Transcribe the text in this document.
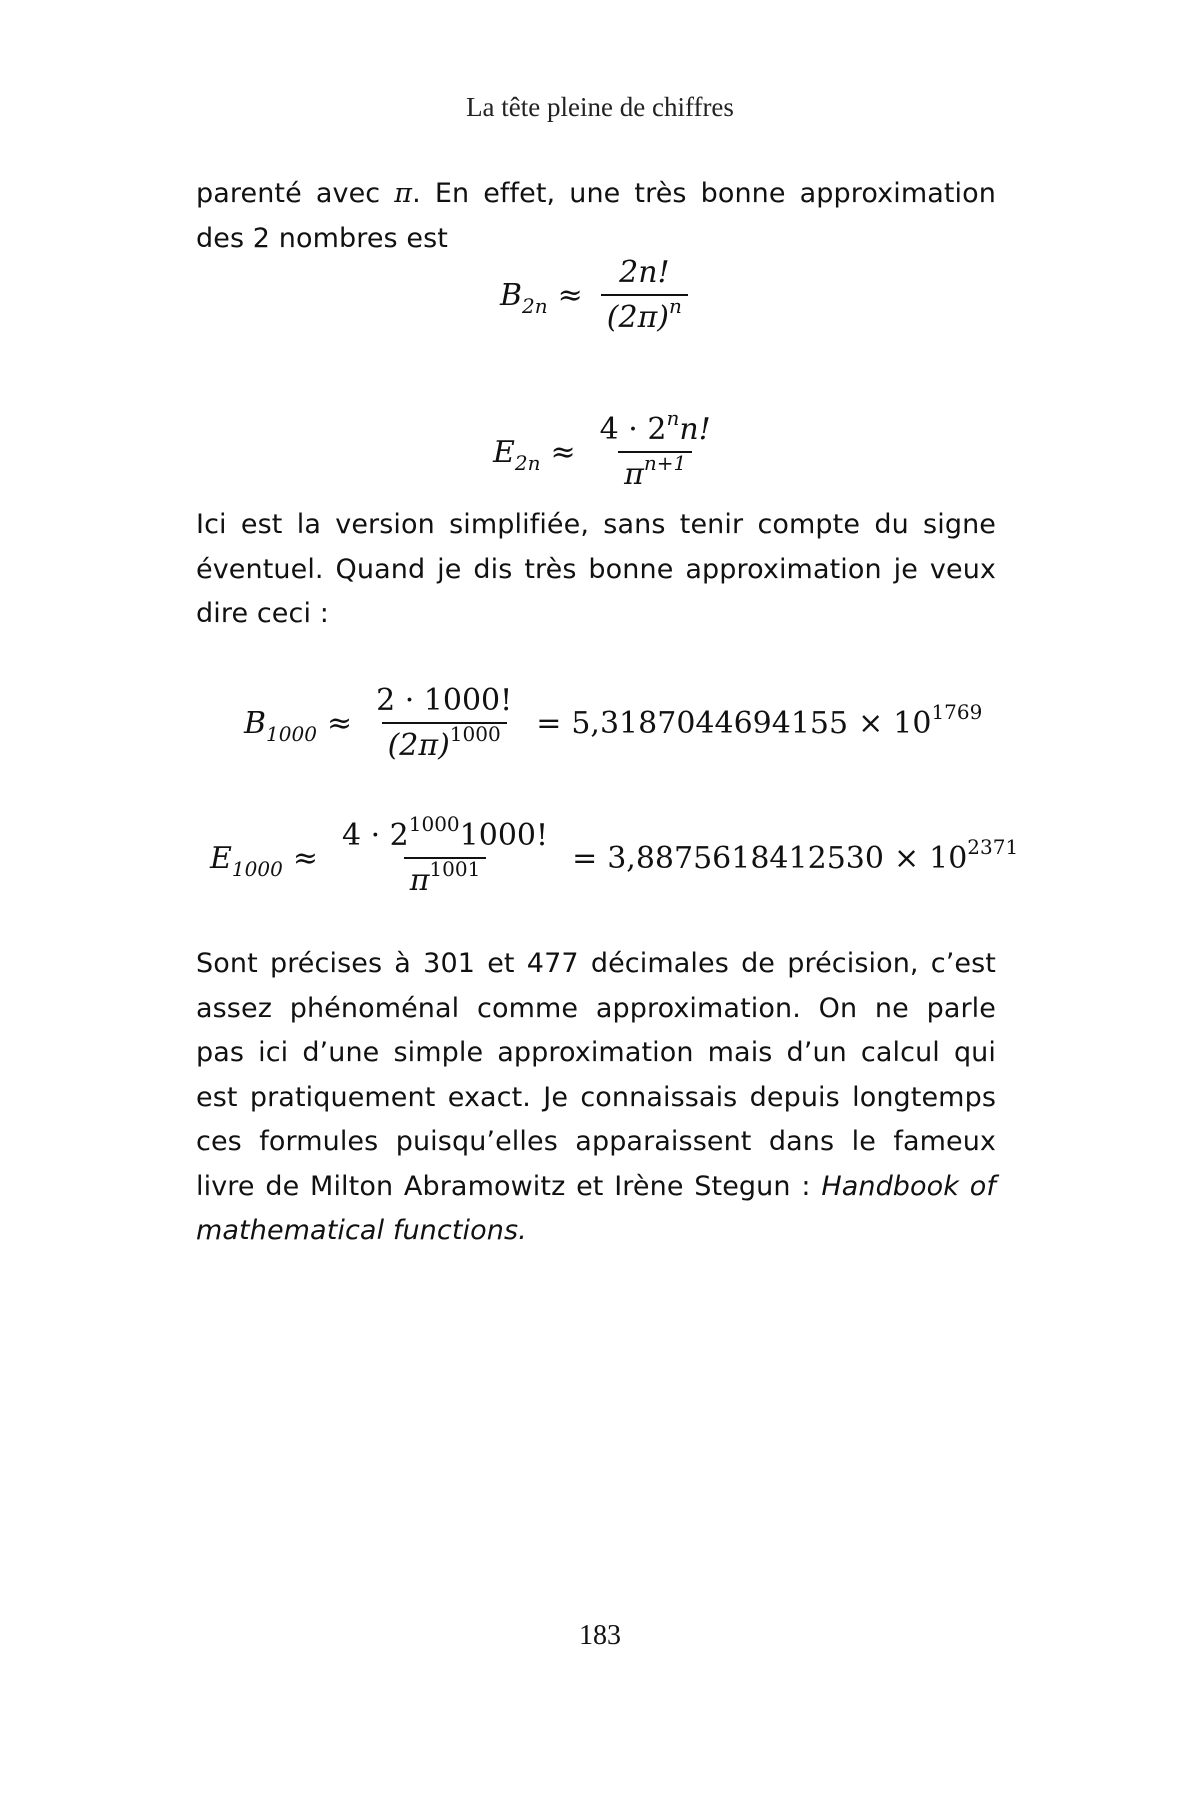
La tête pleine de chiffres
parenté avec π. En effet, une très bonne approximation des 2 nombres est
$B_{2n} \approx \frac{2n!}{(2\pi)^n}$
$E_{2n} \approx \frac{4 \cdot 2^nn!}{\pi^{n+1}}$
Ici est la version simplifiée, sans tenir compte du signe éventuel. Quand je dis très bonne approximation je veux dire ceci :
$B_{1000} \approx \frac{2 \cdot 1000!}{(2\pi)^{1000}} = 5,3187044694155 \times 10^{1769}$
$E_{1000} \approx \frac{4 \cdot 2^{1000}1000!}{\pi^{1001}} = 3,8875618412530 \times 10^{2371}$
Sont précises à 301 et 477 décimales de précision, c’est assez phénoménal comme approximation. On ne parle pas ici d’une simple approximation mais d’un calcul qui est pratiquement exact. Je connaissais depuis longtemps ces formules puisqu’elles apparaissent dans le fameux livre de Milton Abramowitz et Irène Stegun : Handbook of mathematical functions.
183
